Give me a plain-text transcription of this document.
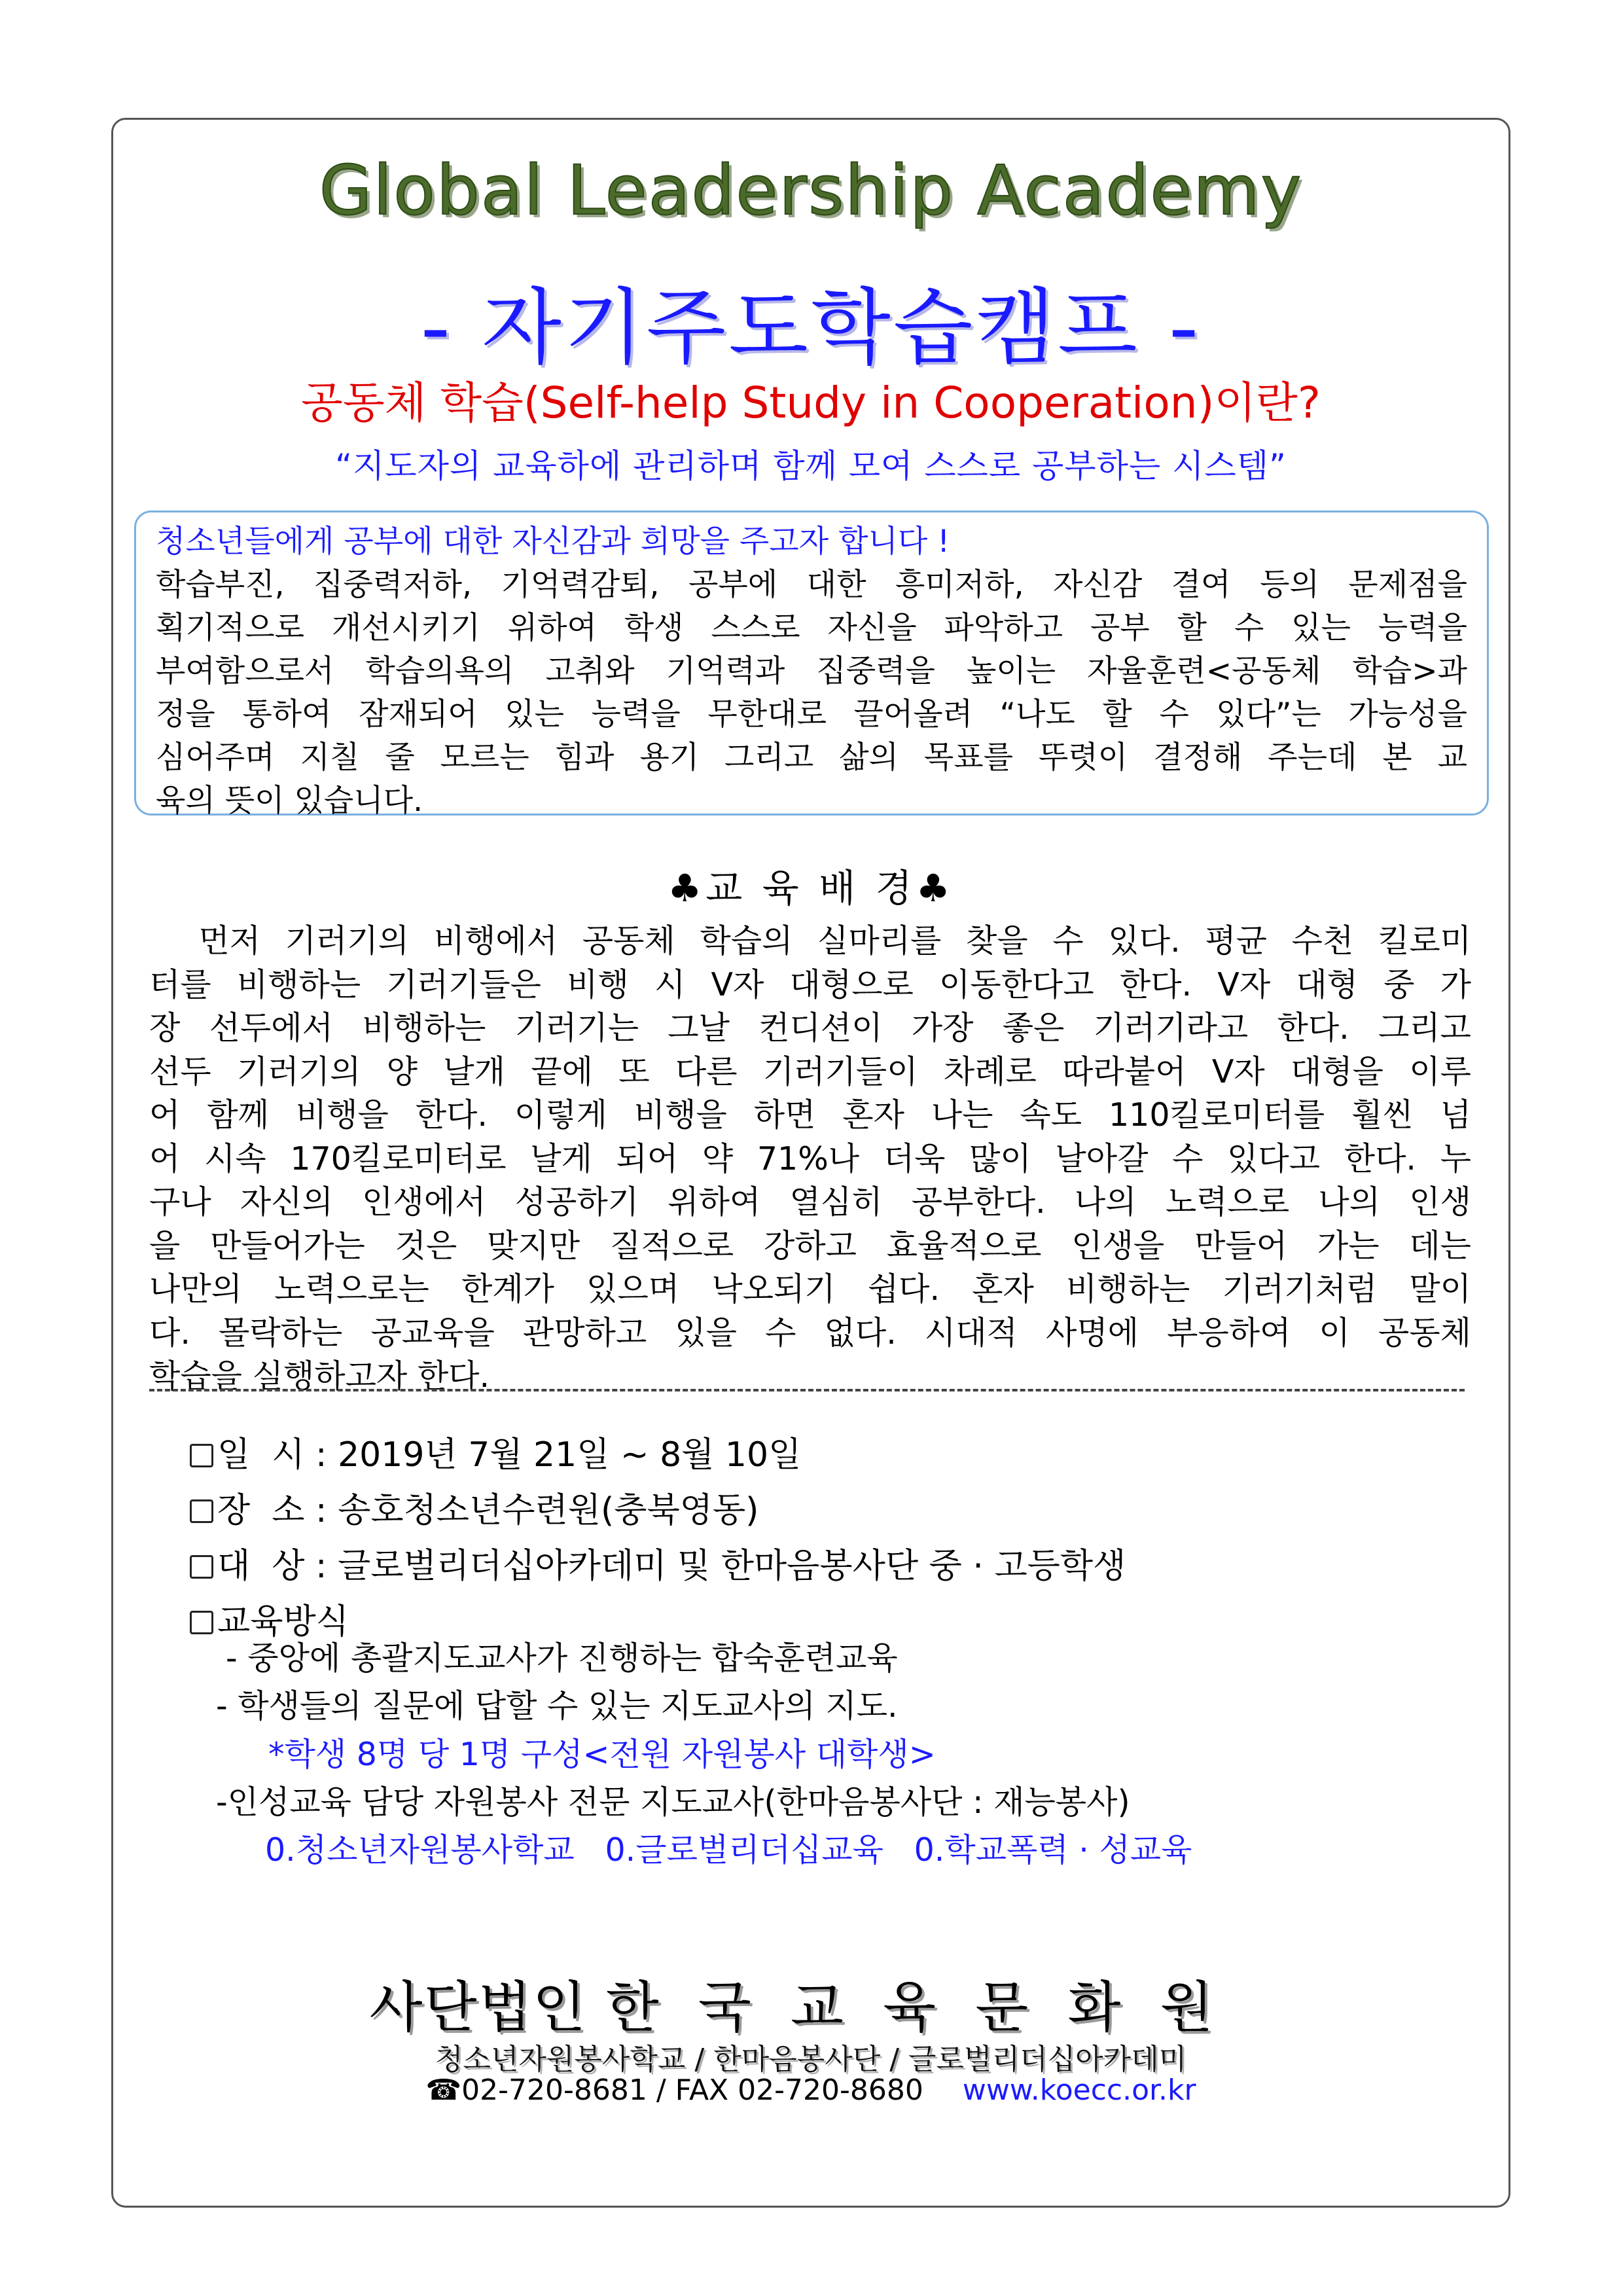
Global Leadership Academy
- 자기주도학습캠프 -
공동체 학습(Self-help Study in Cooperation)이란?
“지도자의 교육하에 관리하며 함께 모여 스스로 공부하는 시스템”
청소년들에게 공부에 대한 자신감과 희망을 주고자 합니다 !
학습부진, 집중력저하, 기억력감퇴, 공부에 대한 흥미저하, 자신감 결여 등의 문제점을
획기적으로 개선시키기 위하여 학생 스스로 자신을 파악하고 공부 할 수 있는 능력을
부여함으로서 학습의욕의 고취와 기억력과 집중력을 높이는 자율훈련<공동체 학습>과
정을 통하여 잠재되어 있는 능력을 무한대로 끌어올려 “나도 할 수 있다”는 가능성을
심어주며 지칠 줄 모르는 힘과 용기 그리고 삶의 목표를 뚜렷이 결정해 주는데 본 교
육의 뜻이 있습니다.
♣교 육 배 경♣
먼저 기러기의 비행에서 공동체 학습의 실마리를 찾을 수 있다. 평균 수천 킬로미
터를 비행하는 기러기들은 비행 시 V자 대형으로 이동한다고 한다. V자 대형 중 가
장 선두에서 비행하는 기러기는 그날 컨디션이 가장 좋은 기러기라고 한다. 그리고
선두 기러기의 양 날개 끝에 또 다른 기러기들이 차례로 따라붙어 V자 대형을 이루
어 함께 비행을 한다. 이렇게 비행을 하면 혼자 나는 속도 110킬로미터를 훨씬 넘
어 시속 170킬로미터로 날게 되어 약 71%나 더욱 많이 날아갈 수 있다고 한다. 누
구나 자신의 인생에서 성공하기 위하여 열심히 공부한다. 나의 노력으로 나의 인생
을 만들어가는 것은 맞지만 질적으로 강하고 효율적으로 인생을 만들어 가는 데는
나만의 노력으로는 한계가 있으며 낙오되기 쉽다. 혼자 비행하는 기러기처럼 말이
다. 몰락하는 공교육을 관망하고 있을 수 없다. 시대적 사명에 부응하여 이 공동체
학습을 실행하고자 한다.
일  시 : 2019년 7월 21일 ~ 8월 10일
장  소 : 송호청소년수련원(충북영동)
대  상 : 글로벌리더십아카데미 및 한마음봉사단 중 · 고등학생
교육방식
- 중앙에 총괄지도교사가 진행하는 합숙훈련교육
- 학생들의 질문에 답할 수 있는 지도교사의 지도.
*학생 8명 당 1명 구성<전원 자원봉사 대학생>
-인성교육 담당 자원봉사 전문 지도교사(한마음봉사단 : 재능봉사)
0.청소년자원봉사학교   0.글로벌리더십교육   0.학교폭력 · 성교육
사단법인 한국교육문화원
청소년자원봉사학교 / 한마음봉사단 / 글로벌리더십아카데미
☎02-720-8681 / FAX 02-720-8680 www.koecc.or.kr
